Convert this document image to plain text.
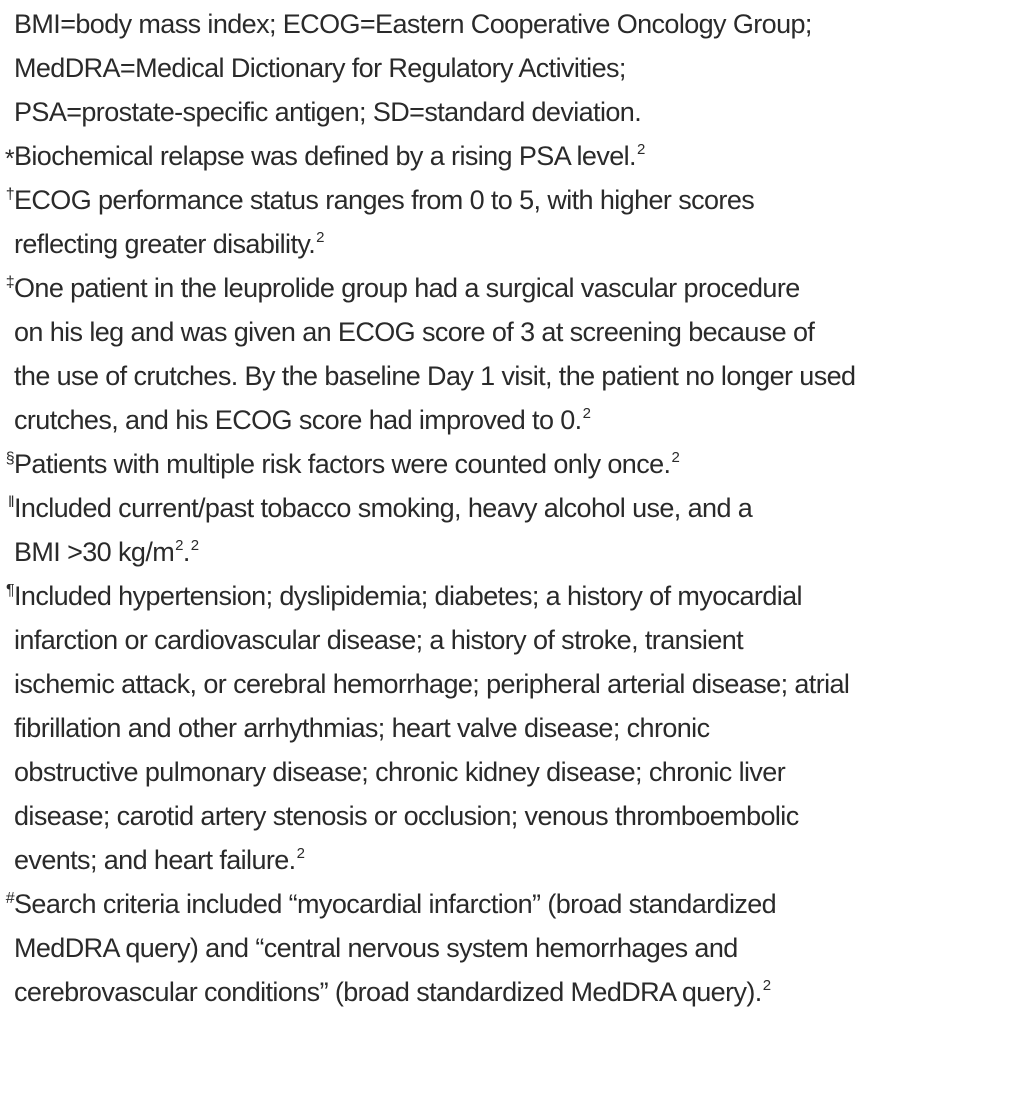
BMI=body mass index; ECOG=Eastern Cooperative Oncology Group;
MedDRA=Medical Dictionary for Regulatory Activities;
PSA=prostate-specific antigen; SD=standard deviation.
* Biochemical relapse was defined by a rising PSA level.$^2$
† ECOG performance status ranges from 0 to 5, with higher scores
reflecting greater disability.$^2$
‡ One patient in the leuprolide group had a surgical vascular procedure
on his leg and was given an ECOG score of 3 at screening because of
the use of crutches. By the baseline Day 1 visit, the patient no longer used
crutches, and his ECOG score had improved to 0.$^2$
§ Patients with multiple risk factors were counted only once.$^2$
‖ Included current/past tobacco smoking, heavy alcohol use, and a
BMI >30 $kg/m^2.^2$
¶ Included hypertension; dyslipidemia; diabetes; a history of myocardial
infarction or cardiovascular disease; a history of stroke, transient
ischemic attack, or cerebral hemorrhage; peripheral arterial disease; atrial
fibrillation and other arrhythmias; heart valve disease; chronic
obstructive pulmonary disease; chronic kidney disease; chronic liver
disease; carotid artery stenosis or occlusion; venous thromboembolic
events; and heart failure.$^2$
# Search criteria included “myocardial infarction” (broad standardized
MedDRA query) and “central nervous system hemorrhages and
cerebrovascular conditions” (broad standardized MedDRA query).$^2$
